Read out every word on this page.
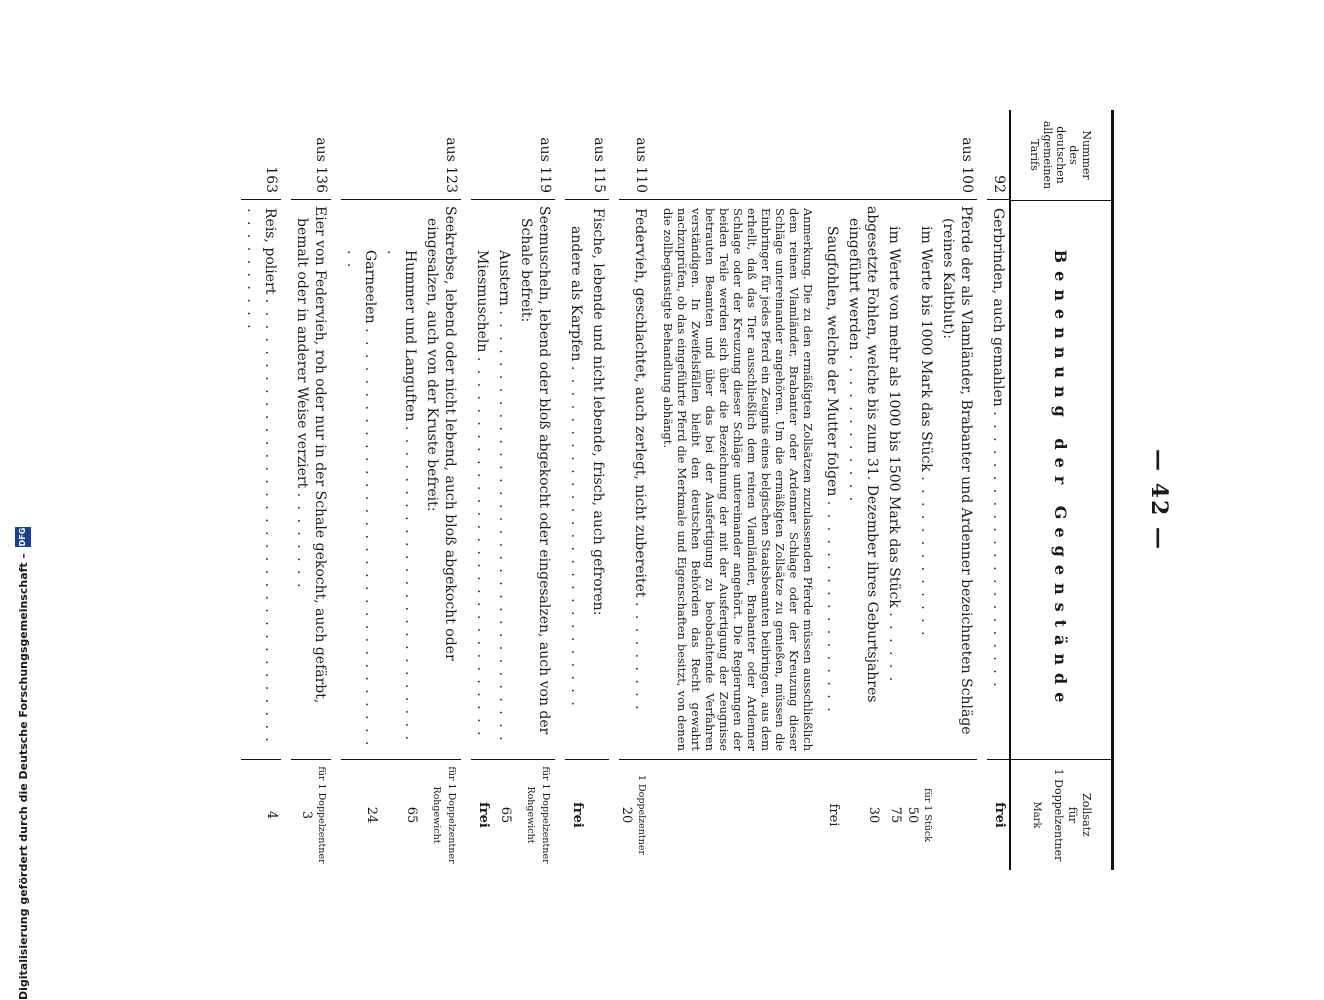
— 42 —
Nummer
des
deutschen
allgemeinen
Tarifs
Benennung der Gegenstände
Zollsatz
für
1 Doppelzentner
Mark
92
Gerbrinden, auch gemahlen . . . . . . . . . . . . . . . . . . . . . .
frei
aus 100
Pferde der als Vlamländer, Brabanter und Ardenner bezeichneten Schläge (reines Kaltblut):
im Werte bis 1000 Mark das Stück . . . . . . . . . . . . .
für 1 Stück
50
im Werte von mehr als 1000 bis 1500 Mark das Stück . . . . . .
75
abgesetzte Fohlen, welche bis zum 31. Dezember ihres Geburtsjahres eingeführt werden . . . . . . . . . . . .
30
Saugfohlen, welche der Mutter folgen . . . . . . . . . . . . . . . . .
frei
Anmerkung. Die zu den ermäßigten Zollsätzen zuzulassenden Pferde müssen ausschließlich dem reinen Vlamländer, Brabanter oder Ardenner Schlage oder der Kreuzung dieser Schläge untereinander angehören. Um die ermäßigten Zollsätze zu genießen, müssen die Einbringer für jedes Pferd ein Zeugnis eines belgischen Staatsbeamten beibringen, aus dem erhellt, daß das Tier ausschließlich dem reinen Vlamländer, Brabanter oder Ardenner Schlage oder der Kreuzung dieser Schläge untereinander angehört. Die Regierungen der beiden Teile werden sich über die Bezeichnung der mit der Ausfertigung der Zeugnisse betrauten Beamten und über das bei der Ausfertigung zu beobachtende Verfahren verständigen. In Zweifelsfällen bleibt den deutschen Behörden das Recht gewahrt nachzuprüfen, ob das eingeführte Pferd die Merkmale und Eigenschaften besitzt, von denen die zollbegünstigte Behandlung abhängt.
aus 110
Federvieh, geschlachtet, auch zerlegt, nicht zubereitet . . . . . . . . .
1 Doppelzentner
20
aus 115
Fische, lebende und nicht lebende, frisch, auch gefroren:
andere als Karpfen . . . . . . . . . . . . . . . . . . . . . . . . . . .
frei
aus 119
Seemuscheln, lebend oder bloß abgekocht oder eingesalzen, auch von der Schale befreit:
für 1 Doppelzentner Rohgewicht
Austern . . . . . . . . . . . . . . . . . . . . . . . . . . . . . . . . . .
65
Miesmuscheln . . . . . . . . . . . . . . . . . . . . . . . . . . . . . .
frei
aus 123
Seekrebse, lebend oder nicht lebend, auch bloß abgekocht oder eingesalzen, auch von der Kruste befreit:
für 1 Doppelzentner Rohgewicht
Hummer und Languften . . . . . . . . . . . . . . . . . . . . . . . . . .
65
Garneelen . . . . . . . . . . . . . . . . . . . . . . . . . . . . . . . . . . .
24
aus 136
Eier von Federvieh, roh oder nur in der Schale gekocht, auch gefärbt, bemalt oder in anderer Weise verziert . . . . . . . .
für 1 Doppelzentner
3
163
Reis, poliert . . . . . . . . . . . . . . . . . . . . . . . . . . . . . . . . . . . . . . . . . . . . .
4
Digitalisierung gefördert durch die Deutsche Forschungsgemeinschaft –
DFG
